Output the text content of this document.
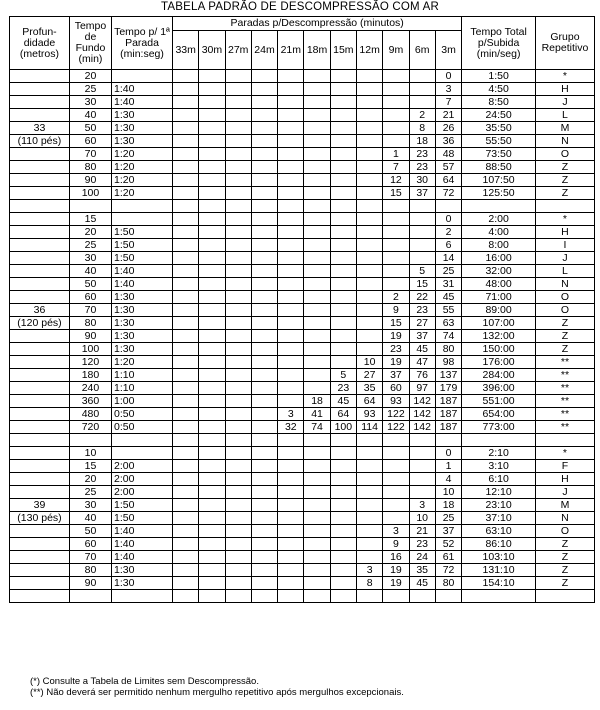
TABELA PADRÃO DE DESCOMPRESSÃO COM AR
Profun- didade (metros)	Tempo de Fundo (min)	Tempo p/ 1ª Parada (min:seg)	Paradas p/Descompressão (minutos)											Tempo Total p/Subida (min/seg)	Grupo Repetitivo
			33m	30m	27m	24m	21m	18m	15m	12m	9m	6m	3m		
	20												0	1:50	*
	25	1:40											3	4:50	H
	30	1:40											7	8:50	J
	40	1:30										2	21	24:50	L
33	50	1:30										8	26	35:50	M
(110 pés)	60	1:30										18	36	55:50	N
	70	1:20									1	23	48	73:50	O
	80	1:20									7	23	57	88:50	Z
	90	1:20									12	30	64	107:50	Z
	100	1:20									15	37	72	125:50	Z

	15												0	2:00	*
	20	1:50											2	4:00	H
	25	1:50											6	8:00	I
	30	1:50											14	16:00	J
	40	1:40										5	25	32:00	L
	50	1:40										15	31	48:00	N
	60	1:30									2	22	45	71:00	O
36	70	1:30									9	23	55	89:00	O
(120 pés)	80	1:30									15	27	63	107:00	Z
	90	1:30									19	37	74	132:00	Z
	100	1:30									23	45	80	150:00	Z
	120	1:20								10	19	47	98	176:00	**
	180	1:10							5	27	37	76	137	284:00	**
	240	1:10							23	35	60	97	179	396:00	**
	360	1:00						18	45	64	93	142	187	551:00	**
	480	0:50					3	41	64	93	122	142	187	654:00	**
	720	0:50					32	74	100	114	122	142	187	773:00	**

	10												0	2:10	*
	15	2:00											1	3:10	F
	20	2:00											4	6:10	H
	25	2:00											10	12:10	J
39	30	1:50										3	18	23:10	M
(130 pés)	40	1:50										10	25	37:10	N
	50	1:40									3	21	37	63:10	O
	60	1:40									9	23	52	86:10	Z
	70	1:40									16	24	61	103:10	Z
	80	1:30								3	19	35	72	131:10	Z
	90	1:30								8	19	45	80	154:10	Z

(*) Consulte a Tabela de Limites sem Descompressão.
(**) Não deverá ser permitido nenhum mergulho repetitivo após mergulhos excepcionais.
